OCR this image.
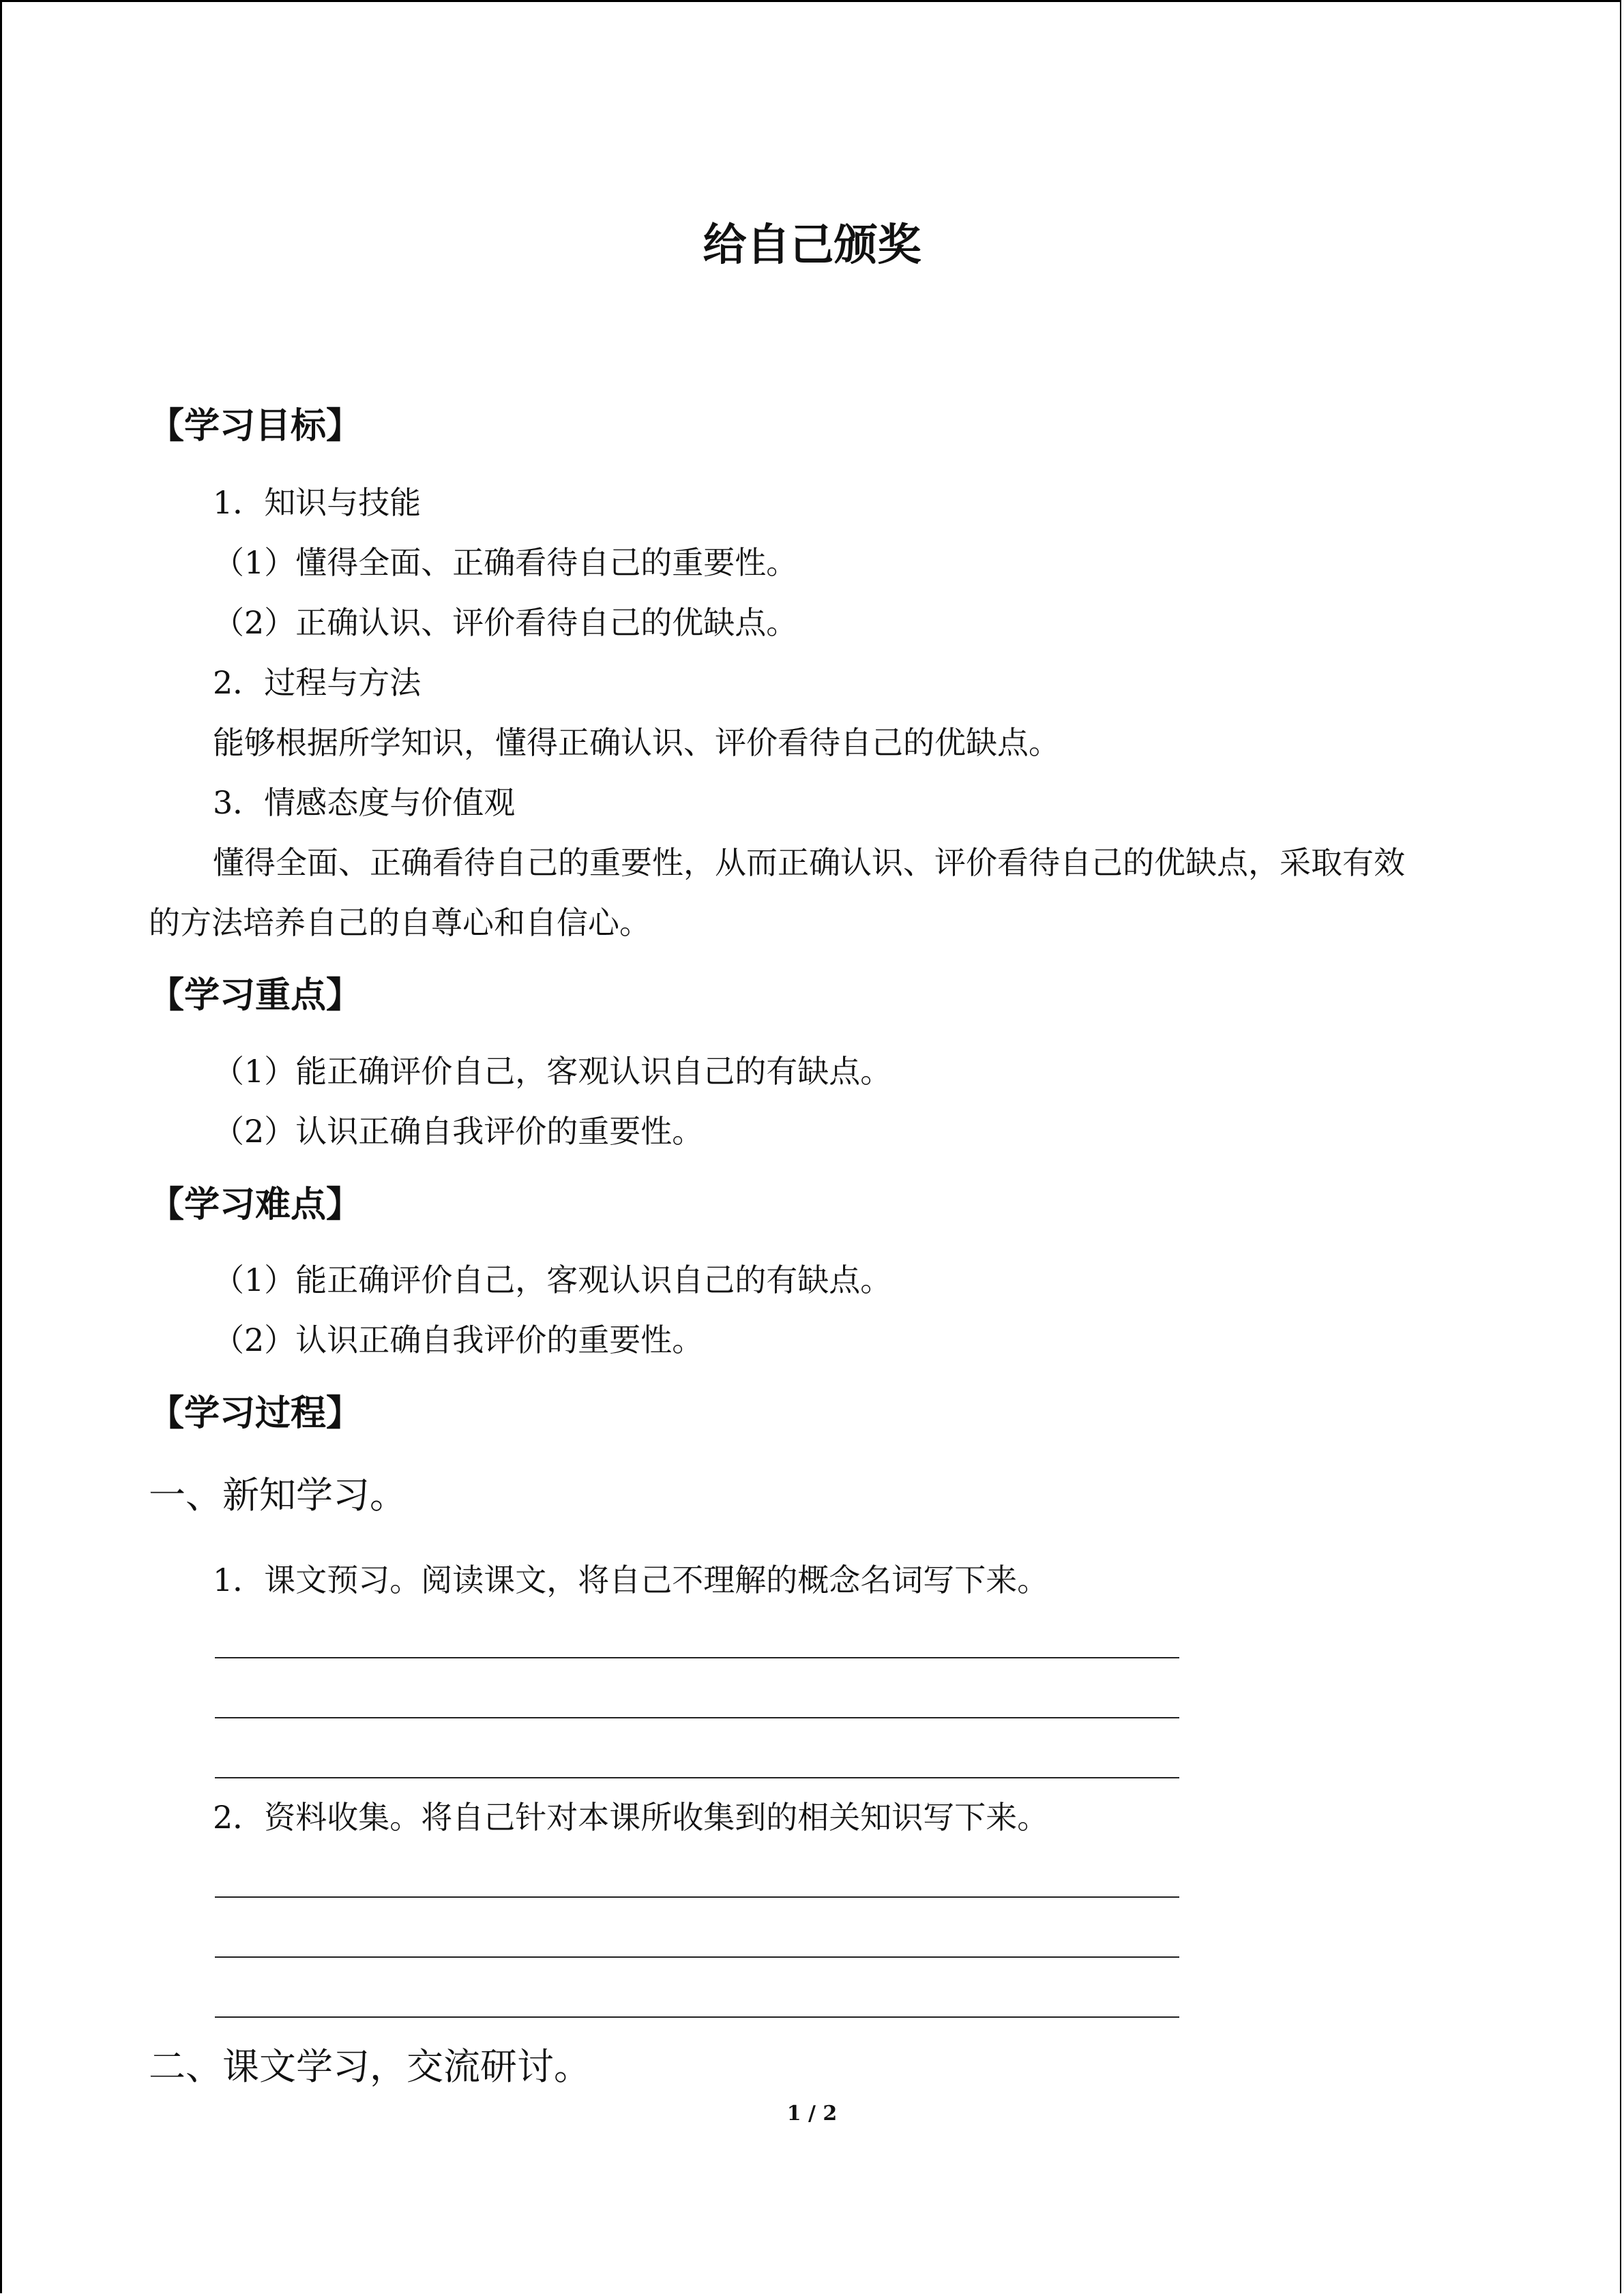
给自己颁奖
【学习目标】
1．知识与技能
（1）懂得全面、正确看待自己的重要性。
（2）正确认识、评价看待自己的优缺点。
2．过程与方法
能够根据所学知识，懂得正确认识、评价看待自己的优缺点。
3．情感态度与价值观
懂得全面、正确看待自己的重要性，从而正确认识、评价看待自己的优缺点，采取有效
的方法培养自己的自尊心和自信心。
【学习重点】
（1）能正确评价自己，客观认识自己的有缺点。
（2）认识正确自我评价的重要性。
【学习难点】
（1）能正确评价自己，客观认识自己的有缺点。
（2）认识正确自我评价的重要性。
【学习过程】
一、新知学习。
1．课文预习。阅读课文，将自己不理解的概念名词写下来。
2．资料收集。将自己针对本课所收集到的相关知识写下来。
二、课文学习，交流研讨。
1 / 2
